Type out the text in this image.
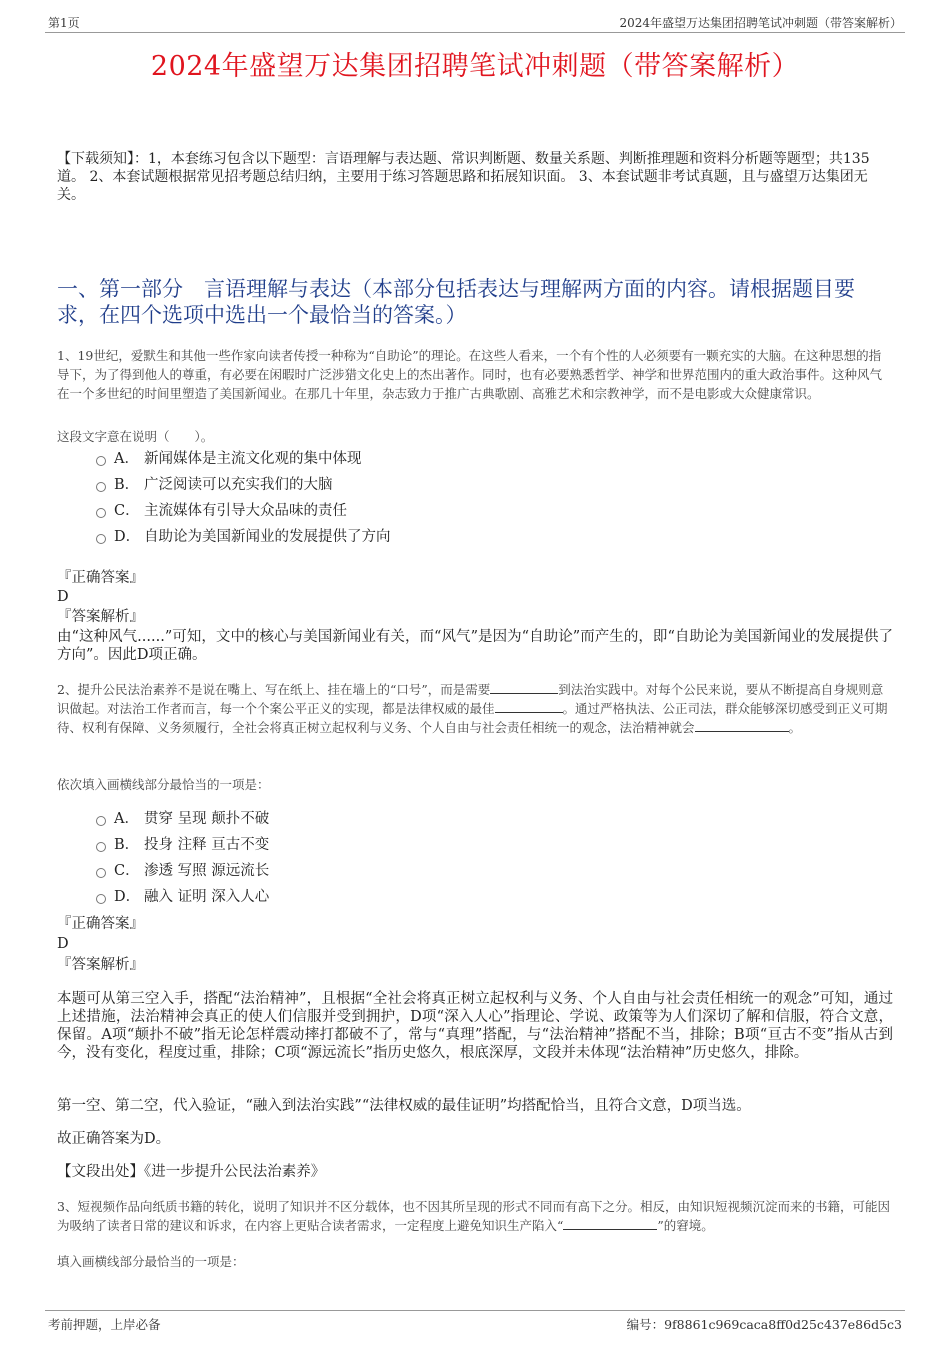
第1页	2024年盛望万达集团招聘笔试冲刺题（带答案解析）
2024年盛望万达集团招聘笔试冲刺题（带答案解析）
【下载须知】：1，本套练习包含以下题型：言语理解与表达题、常识判断题、数量关系题、判断推理题和资料分析题等题型；共135道。 2、本套试题根据常见招考题总结归纳，主要用于练习答题思路和拓展知识面。 3、本套试题非考试真题，且与盛望万达集团无关。
一、第一部分　言语理解与表达（本部分包括表达与理解两方面的内容。请根据题目要求，在四个选项中选出一个最恰当的答案。）
1、19世纪，爱默生和其他一些作家向读者传授一种称为“自助论”的理论。在这些人看来，一个有个性的人必须要有一颗充实的大脑。在这种思想的指导下，为了得到他人的尊重，有必要在闲暇时广泛涉猎文化史上的杰出著作。同时，也有必要熟悉哲学、神学和世界范围内的重大政治事件。这种风气在一个多世纪的时间里塑造了美国新闻业。在那几十年里，杂志致力于推广古典歌剧、高雅艺术和宗教神学，而不是电影或大众健康常识。
这段文字意在说明（　　）。
A． 新闻媒体是主流文化观的集中体现
B． 广泛阅读可以充实我们的大脑
C． 主流媒体有引导大众品味的责任
D． 自助论为美国新闻业的发展提供了方向
『正确答案』
D
『答案解析』
由“这种风气......”可知，文中的核心与美国新闻业有关，而“风气”是因为“自助论”而产生的，即“自助论为美国新闻业的发展提供了方向”。因此D项正确。
2、提升公民法治素养不是说在嘴上、写在纸上、挂在墙上的“口号”，而是需要	到法治实践中。对每个公民来说，要从不断提高自身规则意识做起。对法治工作者而言，每一个个案公平正义的实现，都是法律权威的最佳	。通过严格执法、公正司法，群众能够深切感受到正义可期待、权利有保障、义务须履行，全社会将真正树立起权利与义务、个人自由与社会责任相统一的观念，法治精神就会	。
依次填入画横线部分最恰当的一项是：
A． 贯穿 呈现 颠扑不破
B． 投身 注释 亘古不变
C． 渗透 写照 源远流长
D． 融入 证明 深入人心
『正确答案』
D
『答案解析』
本题可从第三空入手，搭配“法治精神”，且根据“全社会将真正树立起权利与义务、个人自由与社会责任相统一的观念”可知，通过上述措施，法治精神会真正的使人们信服并受到拥护，D项“深入人心”指理论、学说、政策等为人们深切了解和信服，符合文意，保留。A项“颠扑不破”指无论怎样震动摔打都破不了，常与“真理”搭配，与“法治精神”搭配不当，排除；B项“亘古不变”指从古到今，没有变化，程度过重，排除；C项“源远流长”指历史悠久，根底深厚，文段并未体现“法治精神”历史悠久，排除。
第一空、第二空，代入验证，“融入到法治实践”“法律权威的最佳证明”均搭配恰当，且符合文意，D项当选。
故正确答案为D。
【文段出处】《进一步提升公民法治素养》
3、短视频作品向纸质书籍的转化，说明了知识并不区分载体，也不因其所呈现的形式不同而有高下之分。相反，由知识短视频沉淀而来的书籍，可能因为吸纳了读者日常的建议和诉求，在内容上更贴合读者需求，一定程度上避免知识生产陷入“	”的窘境。
填入画横线部分最恰当的一项是：
考前押题，上岸必备	编号：9f8861c969caca8ff0d25c437e86d5c3
